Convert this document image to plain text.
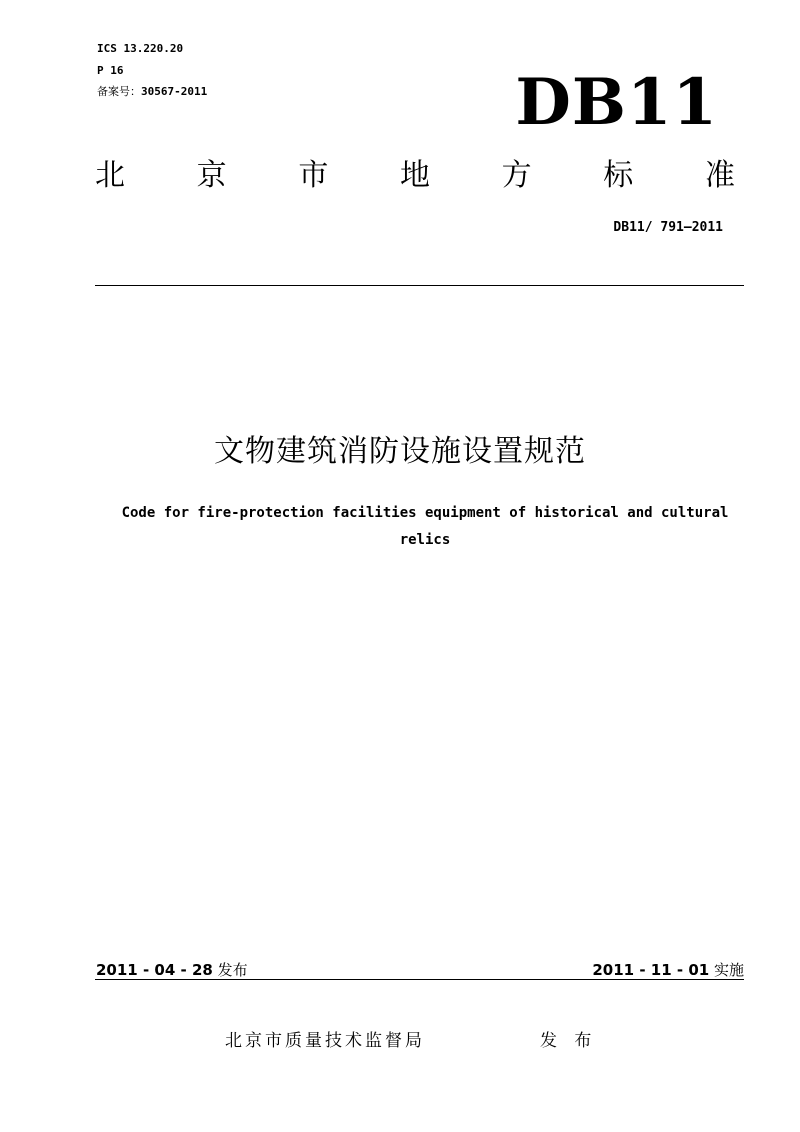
ICS 13.220.20
P 16
备案号：30567-2011	DB11
北 京 市 地 方 标 准
DB11/ 791—2011
文物建筑消防设施设置规范
Code for fire-protection facilities equipment of historical and cultural relics
2011 - 04 - 28 发布	2011 - 11 - 01 实施
北京市质量技术监督局	发 布
